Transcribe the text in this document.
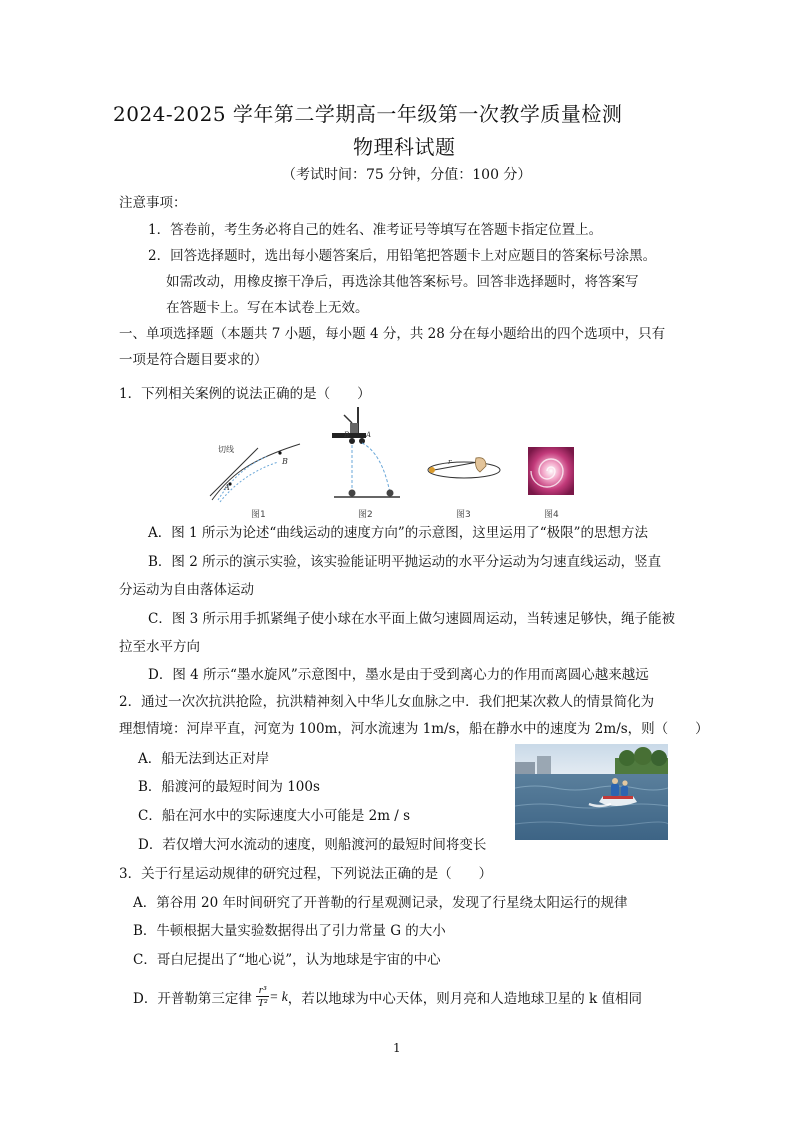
2024-2025 学年第二学期高一年级第一次教学质量检测
物理科试题
（考试时间：75 分钟，分值：100 分）
注意事项：
1．答卷前，考生务必将自己的姓名、准考证号等填写在答题卡指定位置上。
2．回答选择题时，选出每小题答案后，用铅笔把答题卡上对应题目的答案标号涂黑。
如需改动，用橡皮擦干净后，再选涂其他答案标号。回答非选择题时，将答案写
在答题卡上。写在本试卷上无效。
一、单项选择题（本题共 7 小题，每小题 4 分，共 28 分在每小题给出的四个选项中，只有
一项是符合题目要求的）
1．下列相关案例的说法正确的是（　　）
切线
A
B
图1
A
B
图2
r
图3	图4
A．图 1 所示为论述“曲线运动的速度方向”的示意图，这里运用了“极限”的思想方法
B．图 2 所示的演示实验，该实验能证明平抛运动的水平分运动为匀速直线运动，竖直
分运动为自由落体运动
C．图 3 所示用手抓紧绳子使小球在水平面上做匀速圆周运动，当转速足够快，绳子能被
拉至水平方向
D．图 4 所示“墨水旋风”示意图中，墨水是由于受到离心力的作用而离圆心越来越远
2．通过一次次抗洪抢险，抗洪精神刻入中华儿女血脉之中．我们把某次救人的情景简化为
理想情境：河岸平直，河宽为 100m，河水流速为 1m/s，船在静水中的速度为 2m/s，则（　　）
A．船无法到达正对岸
B．船渡河的最短时间为 100s
C．船在河水中的实际速度大小可能是 2m / s
D．若仅增大河水流动的速度，则船渡河的最短时间将变长
3．关于行星运动规律的研究过程，下列说法正确的是（　　）
A．第谷用 20 年时间研究了开普勒的行星观测记录，发现了行星绕太阳运行的规律
B．牛顿根据大量实验数据得出了引力常量 G 的大小
C．哥白尼提出了“地心说”，认为地球是宇宙的中心
D．开普勒第三定律 $\frac{\text{r³}}{\text{T²}} = k$ ，若以地球为中心天体，则月亮和人造地球卫星的 k 值相同
1
